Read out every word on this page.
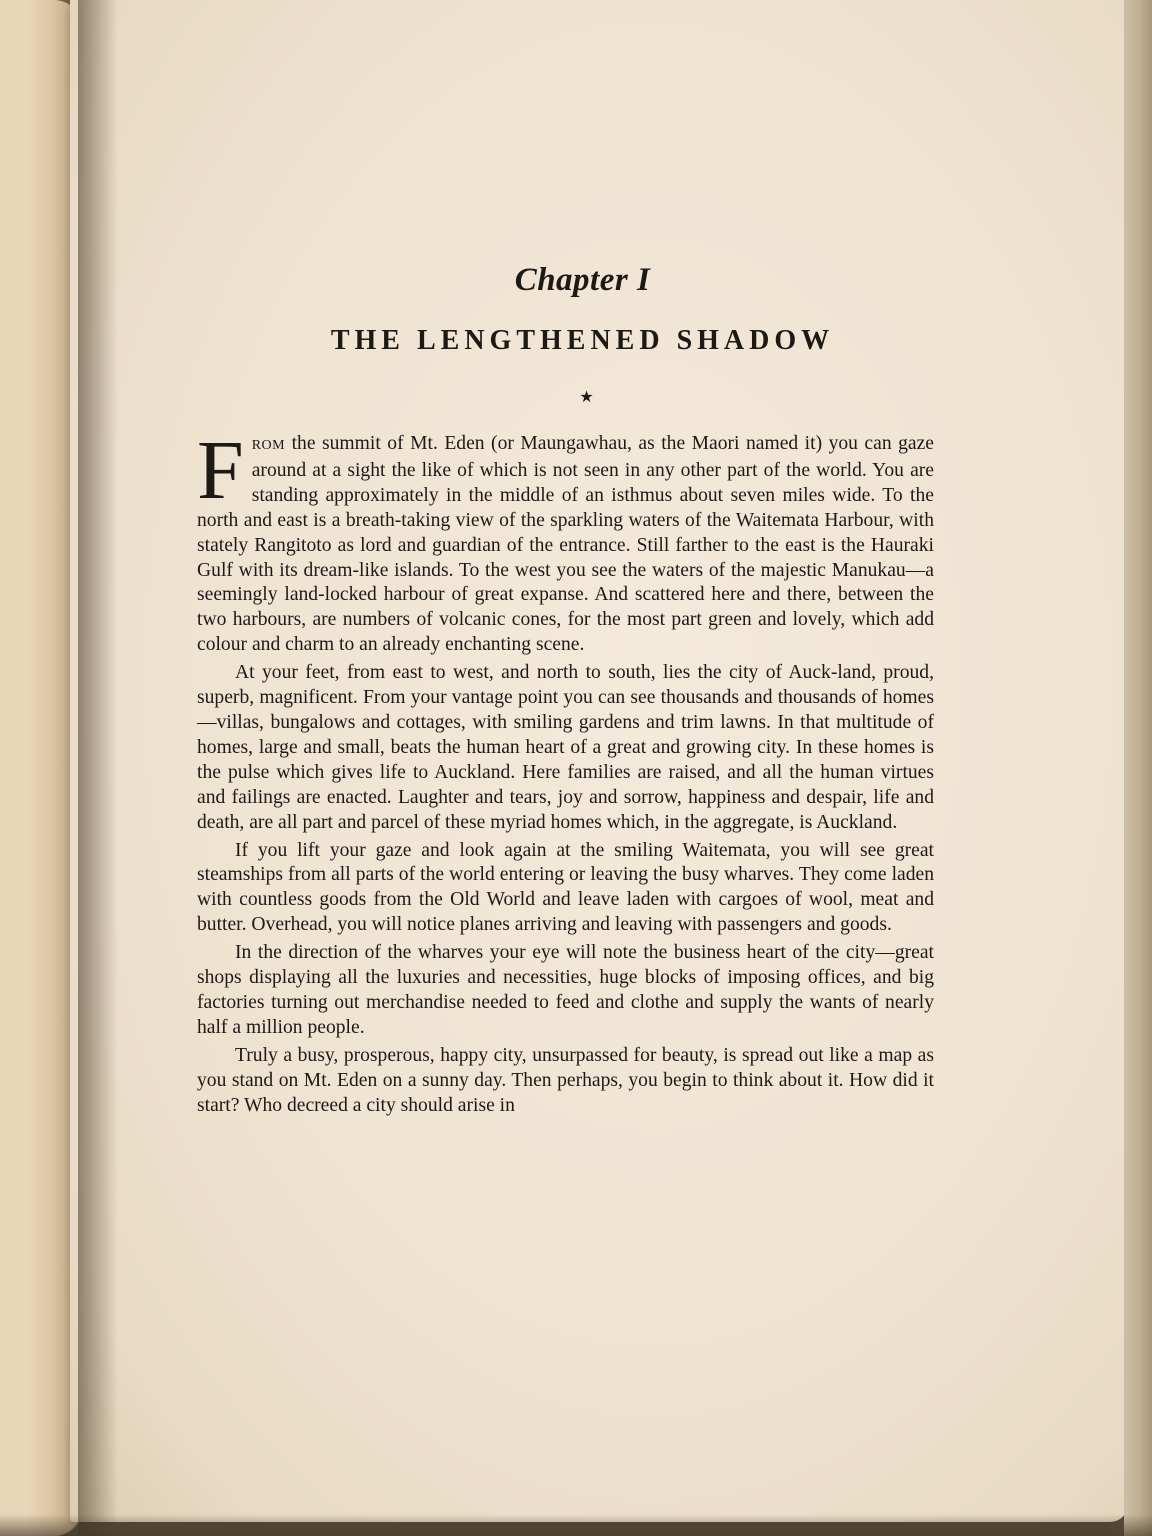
Chapter I
THE LENGTHENED SHADOW
★

FROM the summit of Mt. Eden (or Maungawhau, as the Maori named it) you can gaze around at a sight the like of which is not seen in any other part of the world. You are standing approximately in the middle of an isthmus about seven miles wide. To the north and east is a breath-taking view of the sparkling waters of the Waitemata Harbour, with stately Rangitoto as lord and guardian of the entrance. Still farther to the east is the Hauraki Gulf with its dream-like islands. To the west you see the waters of the majestic Manukau—a seemingly land-locked harbour of great expanse. And scattered here and there, between the two harbours, are numbers of volcanic cones, for the most part green and lovely, which add colour and charm to an already enchanting scene.

At your feet, from east to west, and north to south, lies the city of Auck-land, proud, superb, magnificent. From your vantage point you can see thousands and thousands of homes—villas, bungalows and cottages, with smiling gardens and trim lawns. In that multitude of homes, large and small, beats the human heart of a great and growing city. In these homes is the pulse which gives life to Auckland. Here families are raised, and all the human virtues and failings are enacted. Laughter and tears, joy and sorrow, happiness and despair, life and death, are all part and parcel of these myriad homes which, in the aggregate, is Auckland.

If you lift your gaze and look again at the smiling Waitemata, you will see great steamships from all parts of the world entering or leaving the busy wharves. They come laden with countless goods from the Old World and leave laden with cargoes of wool, meat and butter. Overhead, you will notice planes arriving and leaving with passengers and goods.

In the direction of the wharves your eye will note the business heart of the city—great shops displaying all the luxuries and necessities, huge blocks of imposing offices, and big factories turning out merchandise needed to feed and clothe and supply the wants of nearly half a million people.

Truly a busy, prosperous, happy city, unsurpassed for beauty, is spread out like a map as you stand on Mt. Eden on a sunny day. Then perhaps, you begin to think about it. How did it start? Who decreed a city should arise in
